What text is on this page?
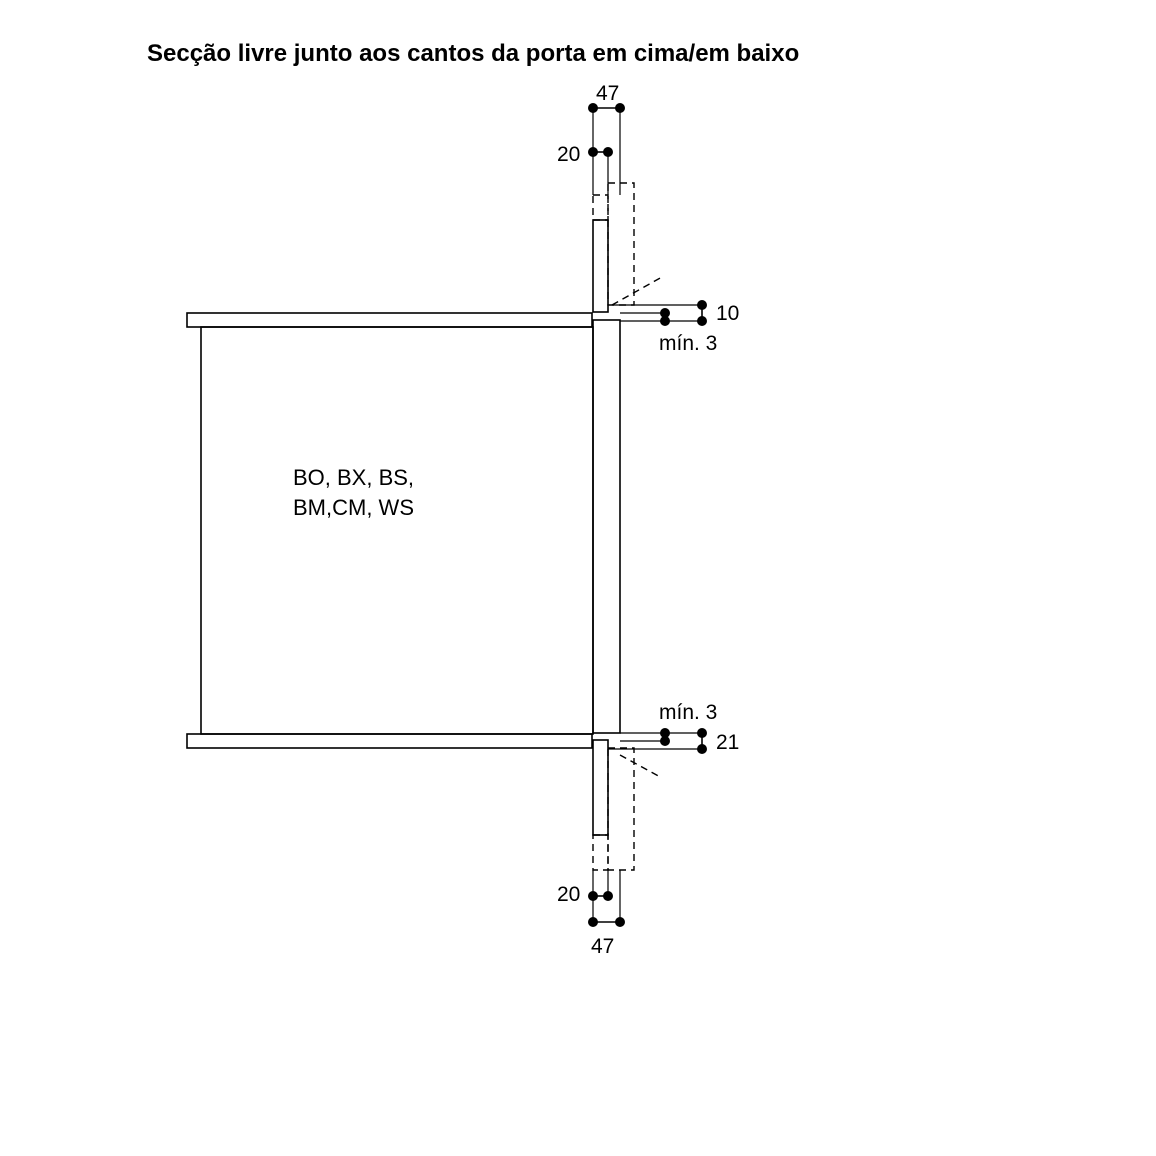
Secção livre junto aos cantos da porta em cima/em baixo
BO, BX, BS,
BM,CM, WS
47
20
10
mín. 3
mín. 3
21
20
47
